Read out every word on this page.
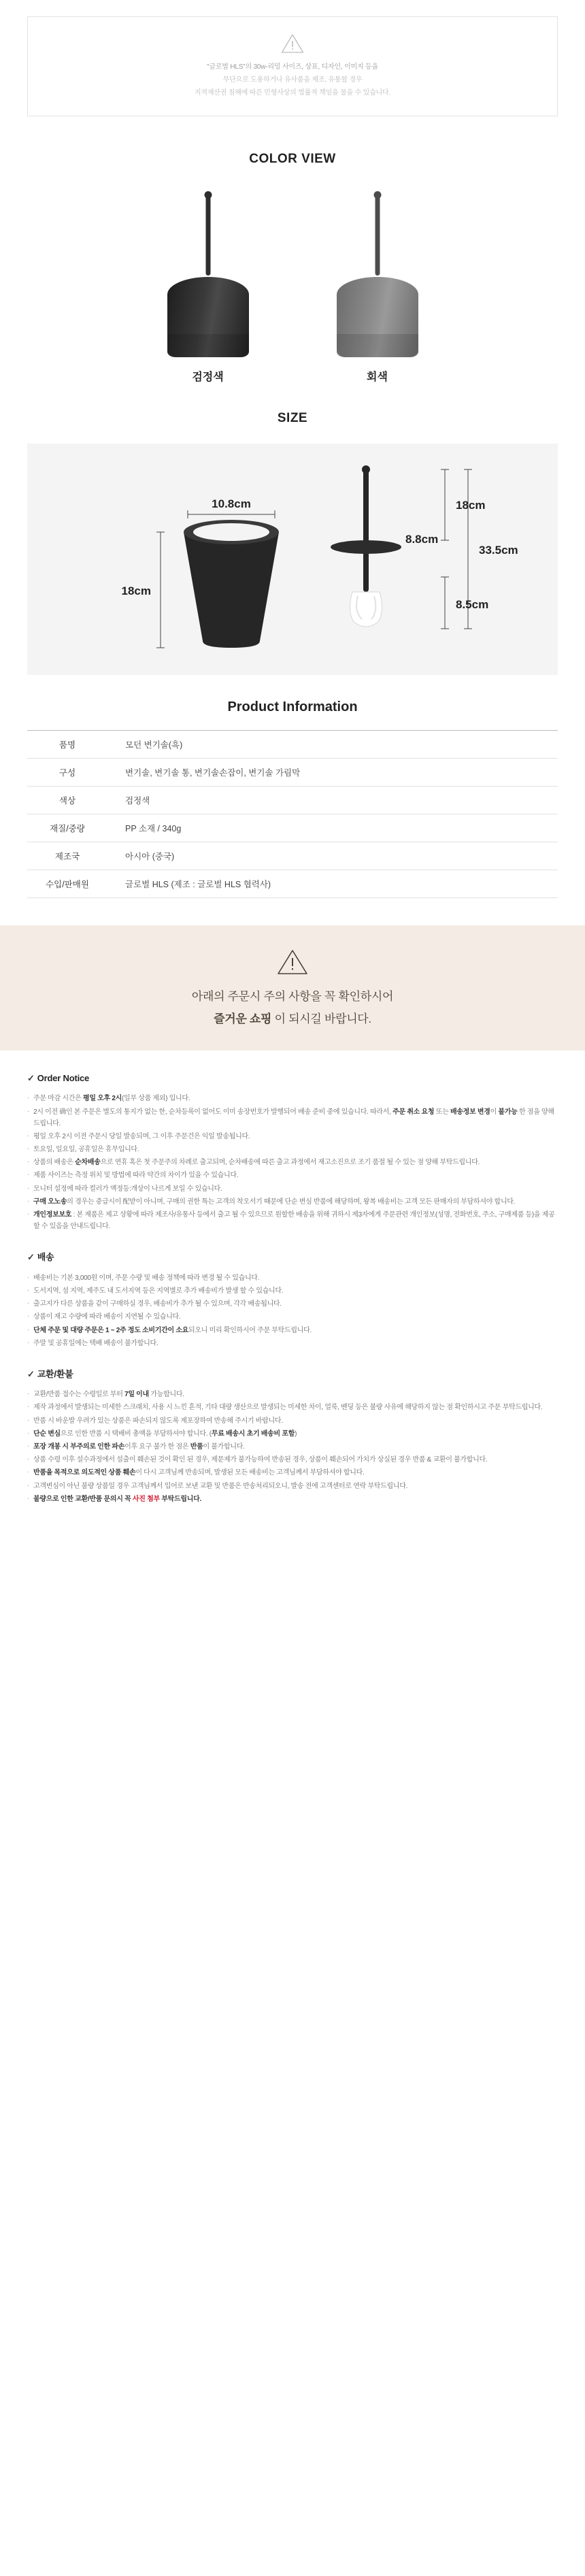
"글로벌 HLS"의 30w-리밍 사이즈, 상표, 디자인, 이미지 등을

무단으로 도용하거나 유사품을 제조, 유통할 경우

지적재산권 침해에 따른 민형사상의 법률적 책임을 물을 수 있습니다.

COLOR VIEW
검정색	회색
SIZE
10.8cm
18cm
18cm
8.8cm
33.5cm
8.5cm
Product Information
품명	모던 변기솔(흑)
구성	변기솔, 변기솔 통, 변기솔손잡이, 변기솔 가림막
색상	검정색
재질/중량	PP 소재 / 340g
제조국	아시아 (중국)
수입/판매원	글로벌 HLS (제조 : 글로벌 HLS 협력사)

아래의 주문시 주의 사항을 꼭 확인하시어

즐거운 쇼핑 이 되시길 바랍니다.

✓ Order Notice
· 주문 마감 시간은 평일 오후 2시(일부 상품 제외) 입니다.
· 2시 이전 确인 본 주문은 별도의 통지가 없는 한, 순차등록이 없어도 이미 송장번호가 발행되어 배송 준비 중에 있습니다. 따라서, 주문 취소 요청 또는 배송정보 변경이 불가능 한 점을 양해드립니다.
· 평일 오후 2시 이전 주문시 당일 발송되며, 그 이후 주문건은 익일 발송됩니다.
· 토요일, 일요일, 공휴일은 휴무입니다.
· 상품의 배송은 순차배송으로 연휴 혹은 첫 주문주의 차례로 출고되며, 순차배송에 따른 출고 과정에서 재고소진으로 조기 품절 될 수 있는 점 양해 부탁드립니다.
· 제품 사이즈는 측정 위치 및 방법에 따라 약간의 차이가 있을 수 있습니다.
· 모니터 설정에 따라 컬러가 액정등:개상이 나르게 보일 수 있습니다.
· 구매 오노송의 경우는 중급시이 配받이 아니며, 구매의 권한 특는 고객의 착오서기 때문에 단순 변심 반품에 해당하며, 왕복 배송비는 고객 모든 판매자의 부담하셔야 합니다.
· 개인정보보호 : 본 제품은 제고 상황에 따라 제조사/유통사 등에서 출고 될 수 있으므로 원할한 배송을 위해 귀하시 제3자에게 주문관련 개인정보(성명, 전화번호, 주소, 구매제품 등)을 제공할 수 있음을 안내드립니다.
✓ 배송
· 배송비는 기본 3,000원 이며, 주문 수량 및 배송 정책에 따라 변경 될 수 있습니다.
· 도서지역, 섬 지역, 제주도 내 도서지역 등은 지역별로 추가 배송비가 발생 할 수 있습니다.
· 출고지가 다른 상품을 같이 구매하실 경우, 배송비가 추가 될 수 있으며, 각각 배송됩니다.
· 상품이 재고 수량에 따라 배송이 지연될 수 있습니다.
· 단체 주문 및 대량 주문은 1 ~ 2주 정도 소비기간이 소요되오니 미리 확인하시어 주문 부탁드립니다.
· 주말 및 공휴일에는 택배 배송이 불가합니다.
✓ 교환/환불
· 교환/반품 접수는 수령일로 부터 7일 이내 가능합니다.
· 제작 과정에서 발생되는 미세한 스크래치, 사용 시 느낀 흔적, 기타 대량 생산으로 발생되는 미세한 차이, 얼룩, 밴딩 등은 불량 사유에 해당하지 않는 점 확인하시고 주문 부탁드립니다.
· 반품 시 바운발 우려가 있는 상품은 파손되지 않도록 제포장하여 반송해 주시기 바랍니다.
· 단순 변심으로 인한 반품 시 택배비 총액을 부담하셔야 합니다. (무료 배송시 초기 배송비 포함)
· 포장 개봉 시 부주의로 인한 파손이후 요구 불가 한 점은 반품이 불가합니다.
· 상품 수령 이후 설수과정에서 설출이 훼손된 것이 확인 된 경우, 제문제가 불가능하여 반송된 경우, 상품이 훼손되어 가치가 상실된 경우 반품 & 교환이 불가합니다.
· 반품을 목적으로 의도적인 상품 훼손이 다시 고객님께 반송되며, 발생된 모든 배송비는 고객님께서 부담하셔야 합니다.
· 고객변심이 아닌 불량 상품일 경우 고객님께서 입어로 보낸 교환 및 반품은 반송처리되오니, 발송 전에 고객센터로 연락 부탁드립니다.
· 불량으로 인한 교환/반품 문의시 꼭 사진 첨부 부탁드립니다.
